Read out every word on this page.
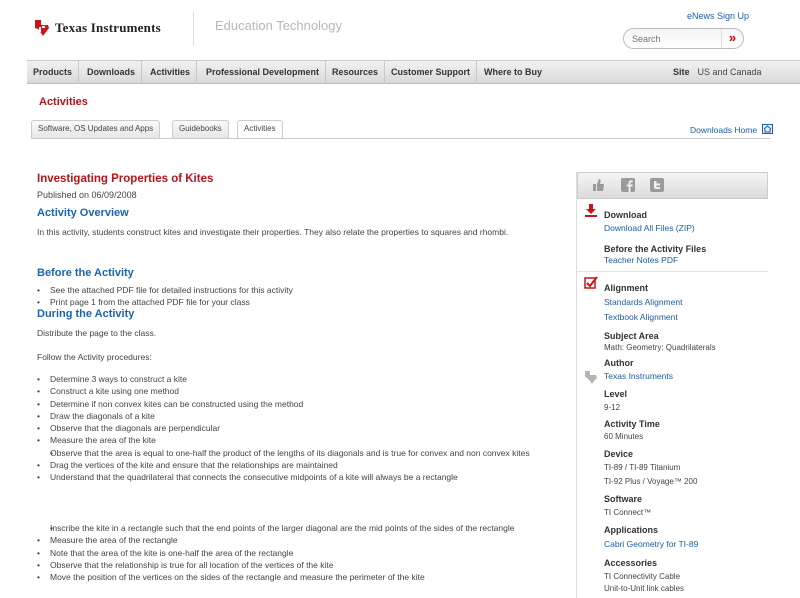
Texas Instruments	Education Technology
eNews Sign Up
Search
»
Products	Downloads	Activities	Professional Development	Resources	Customer Support	Where to Buy	Site US and Canada
Activities
Software, OS Updates and Apps	Guidebooks	Activities	Downloads Home
Investigating Properties of Kites
Published on 06/09/2008
Activity Overview
In this activity, students construct kites and investigate their properties. They also relate the properties to squares and rhombi.
Before the Activity
• See the attached PDF file for detailed instructions for this activity
• Print page 1 from the attached PDF file for your class
During the Activity
Distribute the page to the class.
Follow the Activity procedures:
• Determine 3 ways to construct a kite
• Construct a kite using one method
• Determine if non convex kites can be constructed using the method
• Draw the diagonals of a kite
• Observe that the diagonals are perpendicular
• Measure the area of the kite
• Observe that the area is equal to one-half the product of the lengths of its diagonals and is true for convex and non convex kites
• Drag the vertices of the kite and ensure that the relationships are maintained
• Understand that the quadrilateral that connects the consecutive midpoints of a kite will always be a rectangle
• Inscribe the kite in a rectangle such that the end points of the larger diagonal are the mid points of the sides of the rectangle
• Measure the area of the rectangle
• Note that the area of the kite is one-half the area of the rectangle
• Observe that the relationship is true for all location of the vertices of the kite
• Move the position of the vertices on the sides of the rectangle and measure the perimeter of the kite
Download
Download All Files (ZIP)
Before the Activity Files
Teacher Notes PDF
Alignment
Standards Alignment
Textbook Alignment
Subject Area
Math: Geometry: Quadrilaterals
Author
Texas Instruments
Level
9-12
Activity Time
60 Minutes
Device
TI-89 / TI-89 Titanium
TI-92 Plus / Voyage™ 200
Software
TI Connect™
Applications
Cabri Geometry for TI-89
Accessories
TI Connectivity Cable
Unit-to-Unit link cables
